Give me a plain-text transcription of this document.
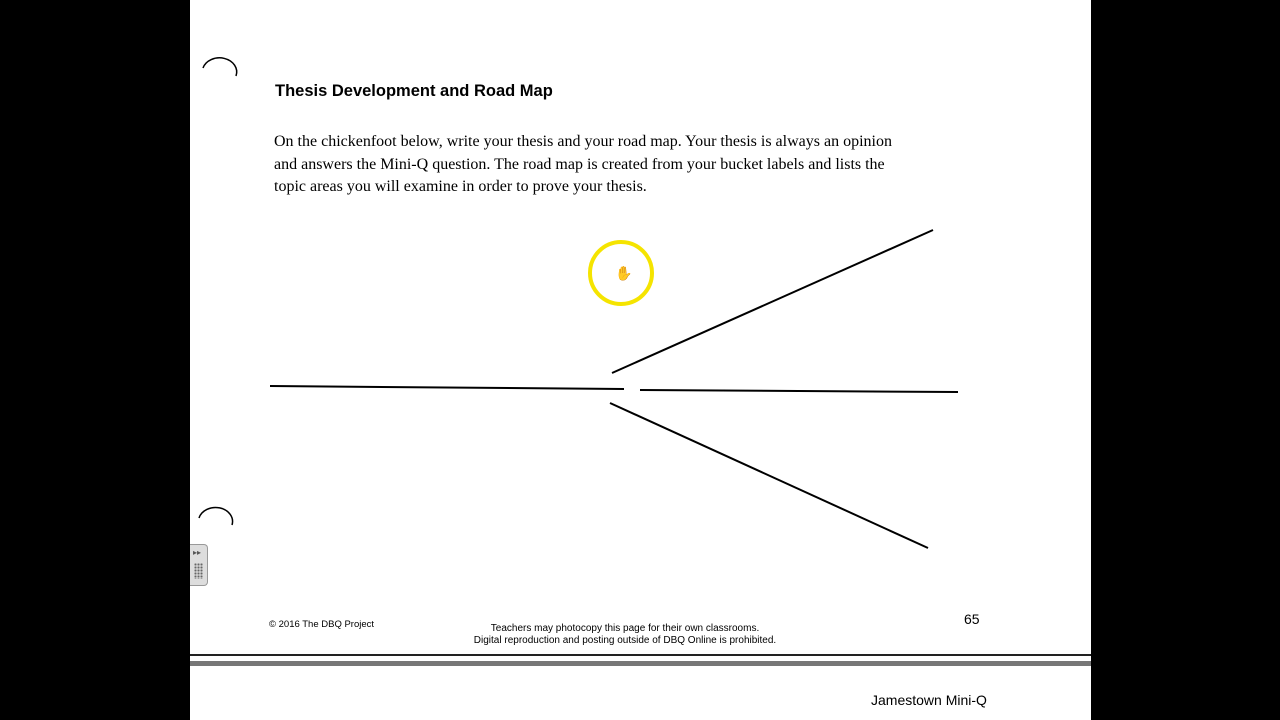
Thesis Development and Road Map

On the chickenfoot below, write your thesis and your road map. Your thesis is always an opinion and answers the Mini-Q question. The road map is created from your bucket labels and lists the topic areas you will examine in order to prove your thesis.

© 2016 The DBQ Project	Teachers may photocopy this page for their own classrooms.
Digital reproduction and posting outside of DBQ Online is prohibited.
65
Jamestown Mini-Q
▸▸
✋
